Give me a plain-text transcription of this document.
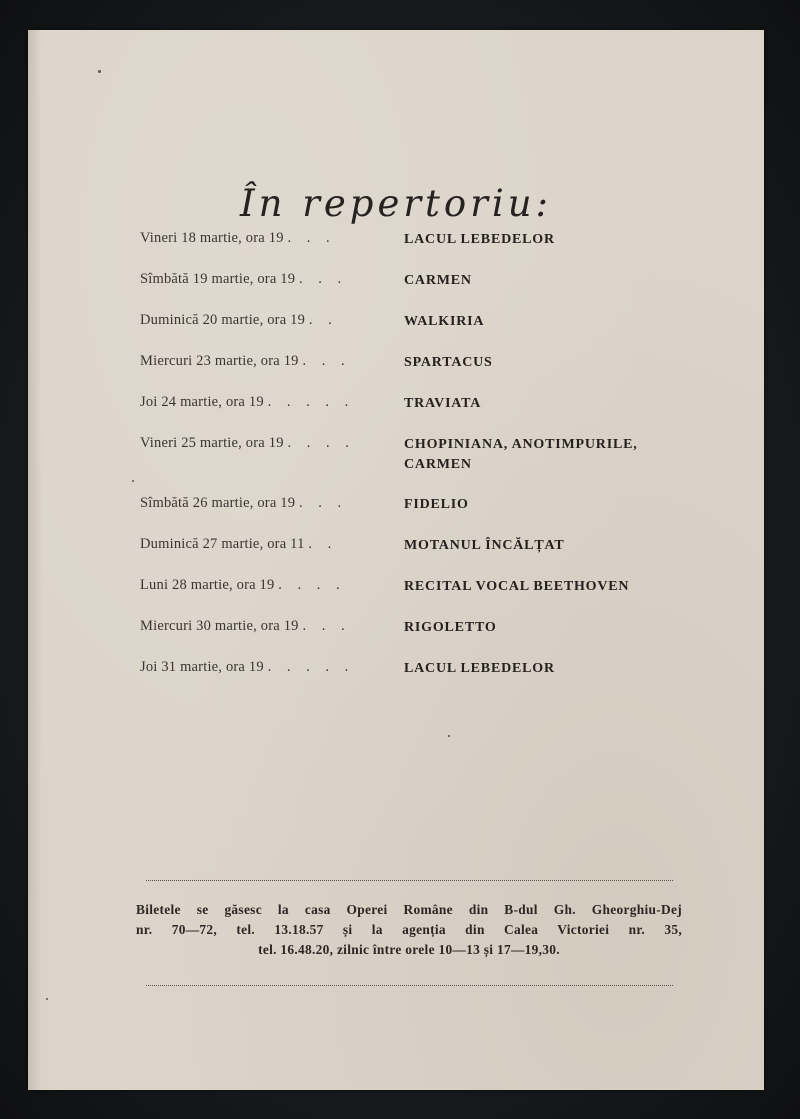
În repertoriu:
Vineri 18 martie, ora 19 . . .	LACUL LEBEDELOR
Sîmbătă 19 martie, ora 19 . . .	CARMEN
Duminică 20 martie, ora 19 . .	WALKIRIA
Miercuri 23 martie, ora 19 . . .	SPARTACUS
Joi 24 martie, ora 19 . . . . .	TRAVIATA
Vineri 25 martie, ora 19 . . . .	CHOPINIANA, ANOTIMPURILE, CARMEN
Sîmbătă 26 martie, ora 19 . . .	FIDELIO
Duminică 27 martie, ora 11 . .	MOTANUL ÎNCĂLȚAT
Luni 28 martie, ora 19 . . . .	RECITAL VOCAL BEETHOVEN
Miercuri 30 martie, ora 19 . . .	RIGOLETTO
Joi 31 martie, ora 19 . . . . .	LACUL LEBEDELOR
Biletele se găsesc la casa Operei Române din B-dul Gh. Gheorghiu-Dej
nr. 70—72, tel. 13.18.57 și la agenția din Calea Victoriei nr. 35,
tel. 16.48.20, zilnic între orele 10—13 și 17—19,30.
